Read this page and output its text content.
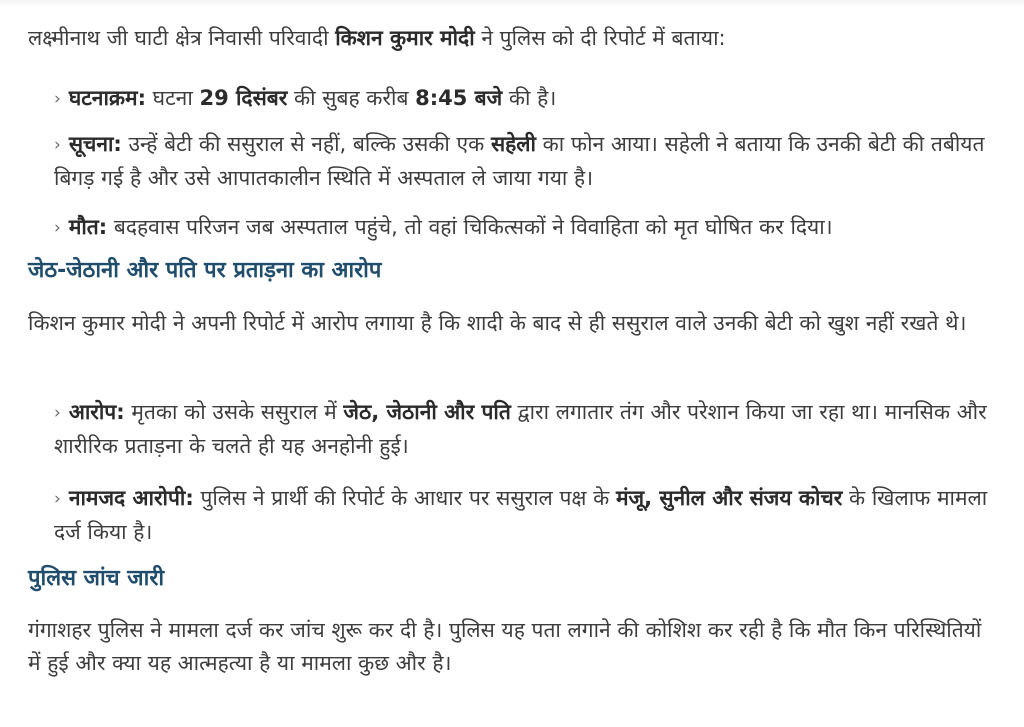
लक्ष्मीनाथ जी घाटी क्षेत्र निवासी परिवादी किशन कुमार मोदी ने पुलिस को दी रिपोर्ट में बताया:

› घटनाक्रम: घटना 29 दिसंबर की सुबह करीब 8:45 बजे की है।

› सूचना: उन्हें बेटी की ससुराल से नहीं, बल्कि उसकी एक सहेली का फोन आया। सहेली ने बताया कि उनकी बेटी की तबीयत बिगड़ गई है और उसे आपातकालीन स्थिति में अस्पताल ले जाया गया है।

› मौत: बदहवास परिजन जब अस्पताल पहुंचे, तो वहां चिकित्सकों ने विवाहिता को मृत घोषित कर दिया।

जेठ-जेठानी और पति पर प्रताड़ना का आरोप

किशन कुमार मोदी ने अपनी रिपोर्ट में आरोप लगाया है कि शादी के बाद से ही ससुराल वाले उनकी बेटी को खुश नहीं रखते थे।

› आरोप: मृतका को उसके ससुराल में जेठ, जेठानी और पति द्वारा लगातार तंग और परेशान किया जा रहा था। मानसिक और शारीरिक प्रताड़ना के चलते ही यह अनहोनी हुई।

› नामजद आरोपी: पुलिस ने प्रार्थी की रिपोर्ट के आधार पर ससुराल पक्ष के मंजू, सुनील और संजय कोचर के खिलाफ मामला दर्ज किया है।

पुलिस जांच जारी

गंगाशहर पुलिस ने मामला दर्ज कर जांच शुरू कर दी है। पुलिस यह पता लगाने की कोशिश कर रही है कि मौत किन परिस्थितियों में हुई और क्या यह आत्महत्या है या मामला कुछ और है।
